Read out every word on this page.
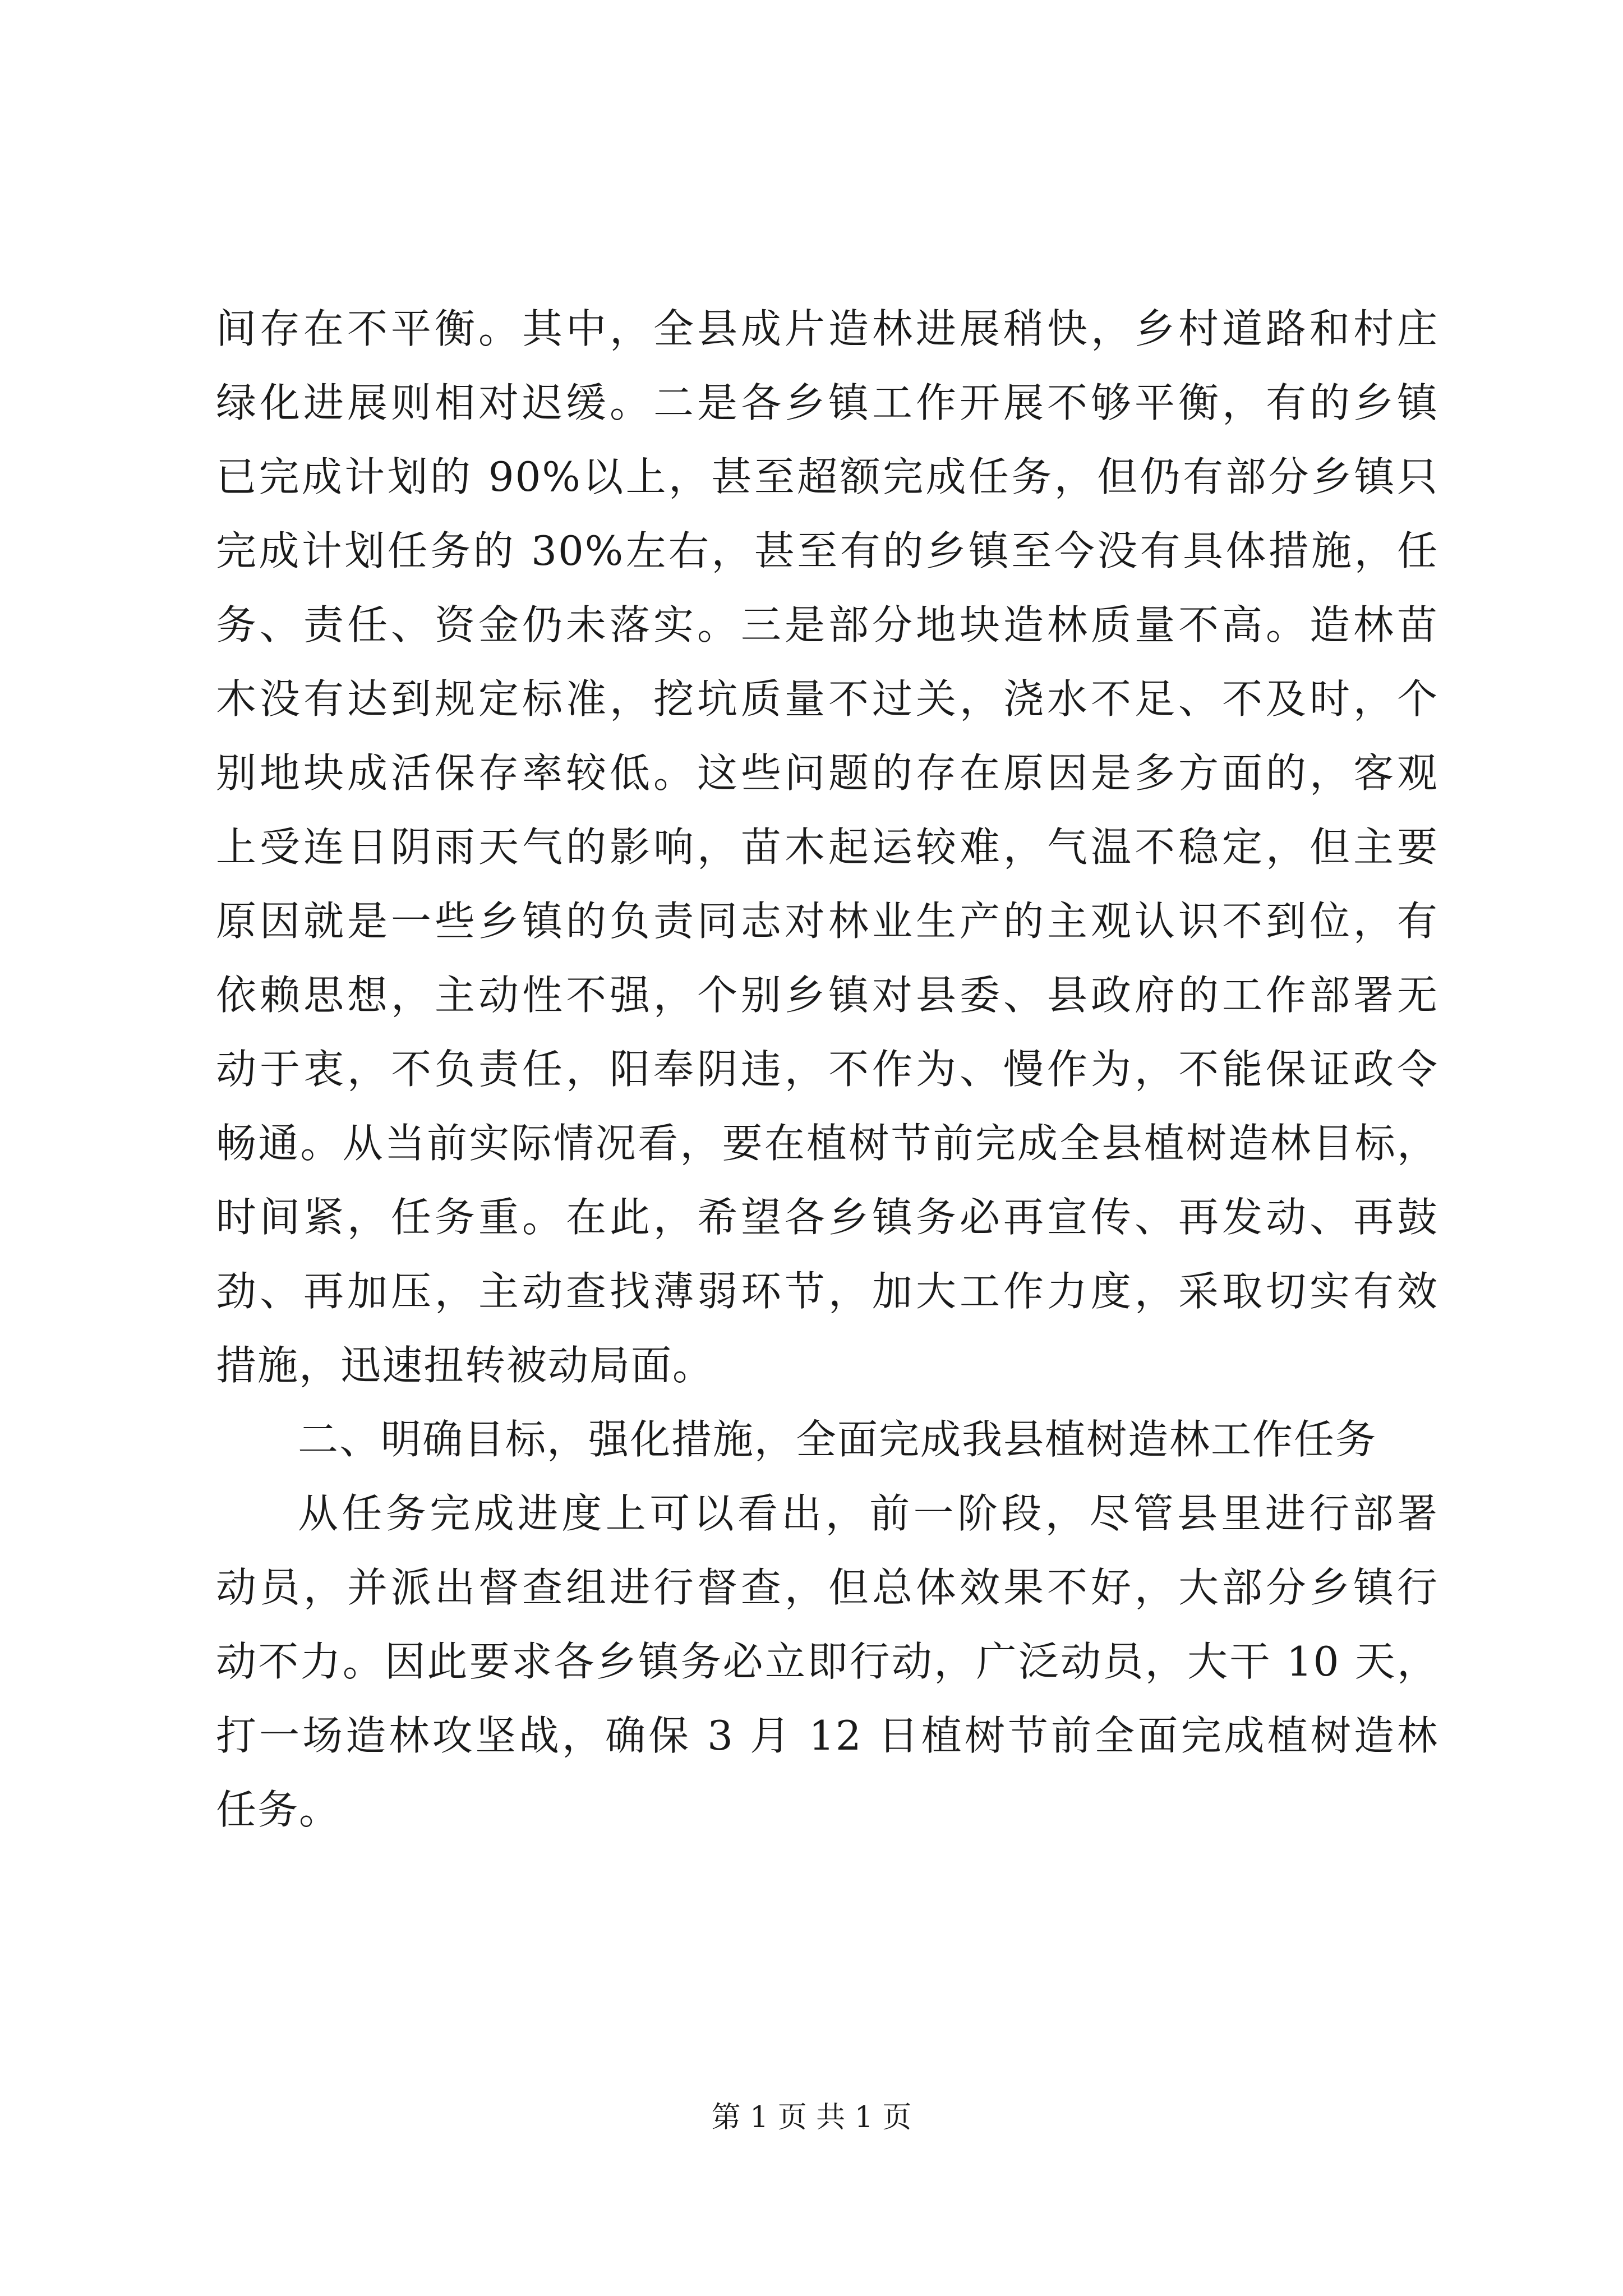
间存在不平衡。其中，全县成片造林进展稍快，乡村道路和村庄
绿化进展则相对迟缓。二是各乡镇工作开展不够平衡，有的乡镇
已完成计划的 90%以上，甚至超额完成任务，但仍有部分乡镇只
完成计划任务的 30%左右，甚至有的乡镇至今没有具体措施，任
务、责任、资金仍未落实。三是部分地块造林质量不高。造林苗
木没有达到规定标准，挖坑质量不过关，浇水不足、不及时，个
别地块成活保存率较低。这些问题的存在原因是多方面的，客观
上受连日阴雨天气的影响，苗木起运较难，气温不稳定，但主要
原因就是一些乡镇的负责同志对林业生产的主观认识不到位，有
依赖思想，主动性不强，个别乡镇对县委、县政府的工作部署无
动于衷，不负责任，阳奉阴违，不作为、慢作为，不能保证政令
畅通。从当前实际情况看，要在植树节前完成全县植树造林目标，
时间紧，任务重。在此，希望各乡镇务必再宣传、再发动、再鼓
劲、再加压，主动查找薄弱环节，加大工作力度，采取切实有效
措施，迅速扭转被动局面。
二、明确目标，强化措施，全面完成我县植树造林工作任务
从任务完成进度上可以看出，前一阶段，尽管县里进行部署
动员，并派出督查组进行督查，但总体效果不好，大部分乡镇行
动不力。因此要求各乡镇务必立即行动，广泛动员，大干 10 天，
打一场造林攻坚战，确保 3 月 12 日植树节前全面完成植树造林
任务。
第 1 页 共 1 页
